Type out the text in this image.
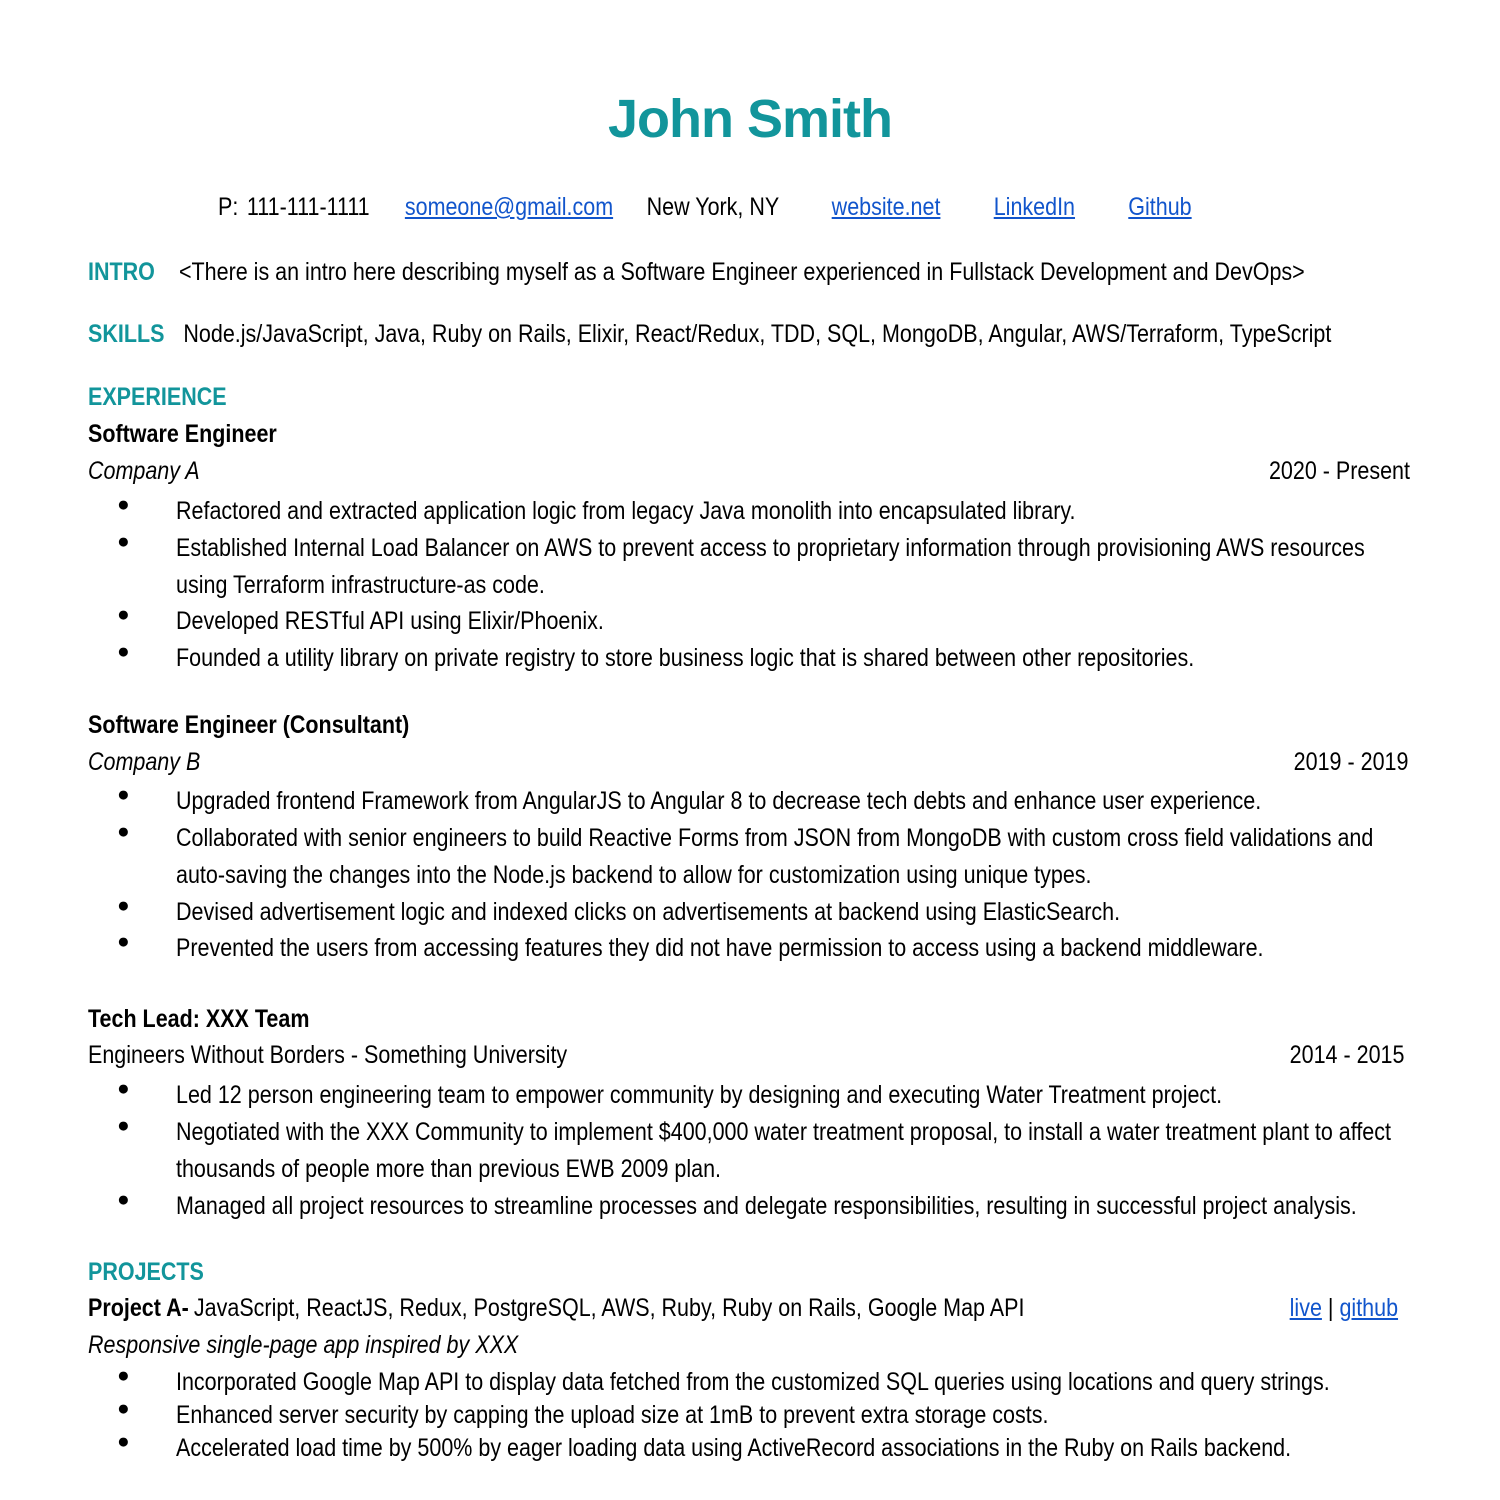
John Smith
P: 111-111-1111 someone@gmail.com New York, NY website.net LinkedIn Github
INTRO <There is an intro here describing myself as a Software Engineer experienced in Fullstack Development and DevOps>
SKILLS Node.js/JavaScript, Java, Ruby on Rails, Elixir, React/Redux, TDD, SQL, MongoDB, Angular, AWS/Terraform, TypeScript
EXPERIENCE
Software Engineer
Company A	2020 - Present
● Refactored and extracted application logic from legacy Java monolith into encapsulated library.
● Established Internal Load Balancer on AWS to prevent access to proprietary information through provisioning AWS resources using Terraform infrastructure-as code.
● Developed RESTful API using Elixir/Phoenix.
● Founded a utility library on private registry to store business logic that is shared between other repositories.
Software Engineer (Consultant)
Company B	2019 - 2019
● Upgraded frontend Framework from AngularJS to Angular 8 to decrease tech debts and enhance user experience.
● Collaborated with senior engineers to build Reactive Forms from JSON from MongoDB with custom cross field validations and auto-saving the changes into the Node.js backend to allow for customization using unique types.
● Devised advertisement logic and indexed clicks on advertisements at backend using ElasticSearch.
● Prevented the users from accessing features they did not have permission to access using a backend middleware.
Tech Lead: XXX Team
Engineers Without Borders - Something University	2014 - 2015
● Led 12 person engineering team to empower community by designing and executing Water Treatment project.
● Negotiated with the XXX Community to implement $400,000 water treatment proposal, to install a water treatment plant to affect thousands of people more than previous EWB 2009 plan.
● Managed all project resources to streamline processes and delegate responsibilities, resulting in successful project analysis.
PROJECTS
Project A- JavaScript, ReactJS, Redux, PostgreSQL, AWS, Ruby, Ruby on Rails, Google Map API	live | github
Responsive single-page app inspired by XXX
● Incorporated Google Map API to display data fetched from the customized SQL queries using locations and query strings.
● Enhanced server security by capping the upload size at 1mB to prevent extra storage costs.
● Accelerated load time by 500% by eager loading data using ActiveRecord associations in the Ruby on Rails backend.
